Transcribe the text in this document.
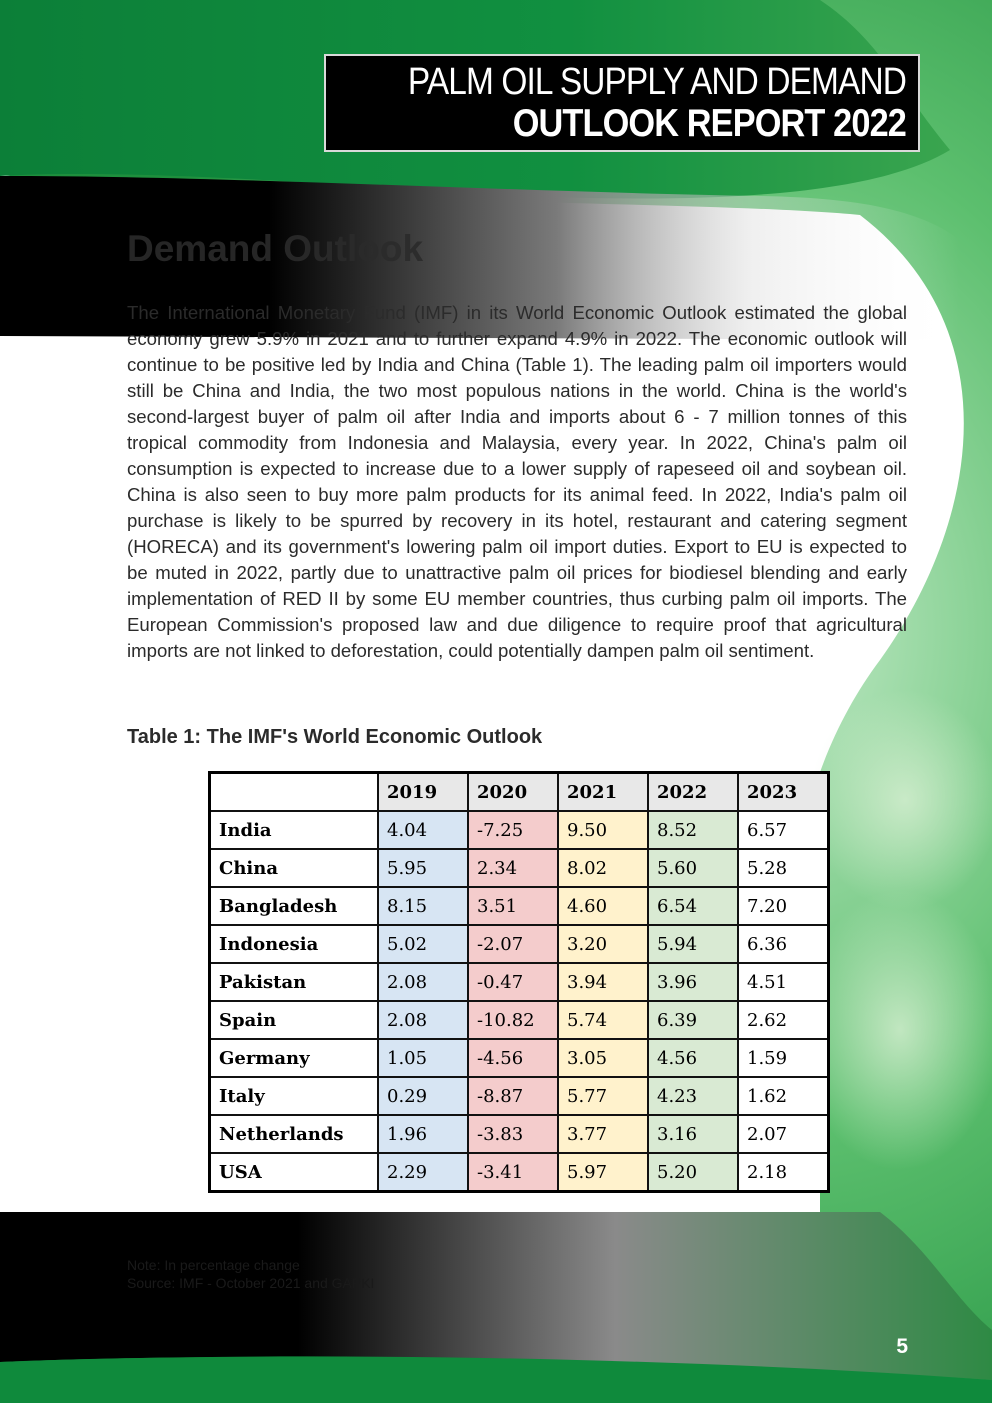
PALM OIL SUPPLY AND DEMAND
OUTLOOK REPORT 2022
Demand Outlook

The International Monetary Fund (IMF) in its World Economic Outlook estimated the global economy grew 5.9% in 2021 and to further expand 4.9% in 2022. The economic outlook will continue to be positive led by India and China (Table 1). The leading palm oil importers would still be China and India, the two most populous nations in the world. China is the world's second-largest buyer of palm oil after India and imports about 6 - 7 million tonnes of this tropical commodity from Indonesia and Malaysia, every year. In 2022, China's palm oil consumption is expected to increase due to a lower supply of rapeseed oil and soybean oil. China is also seen to buy more palm products for its animal feed. In 2022, India's palm oil purchase is likely to be spurred by recovery in its hotel, restaurant and catering segment (HORECA) and its government's lowering palm oil import duties. Export to EU is expected to be muted in 2022, partly due to unattractive palm oil prices for biodiesel blending and early implementation of RED II by some EU member countries, thus curbing palm oil imports. The European Commission's proposed law and due diligence to require proof that agricultural imports are not linked to deforestation, could potentially dampen palm oil sentiment.

Table 1: The IMF's World Economic Outlook
	2019	2020	2021	2022	2023
India	4.04	-7.25	9.50	8.52	6.57
China	5.95	2.34	8.02	5.60	5.28
Bangladesh	8.15	3.51	4.60	6.54	7.20
Indonesia	5.02	-2.07	3.20	5.94	6.36
Pakistan	2.08	-0.47	3.94	3.96	4.51
Spain	2.08	-10.82	5.74	6.39	2.62
Germany	1.05	-4.56	3.05	4.56	1.59
Italy	0.29	-8.87	5.77	4.23	1.62
Netherlands	1.96	-3.83	3.77	3.16	2.07
USA	2.29	-3.41	5.97	5.20	2.18
Note: In percentage change
Source: IMF - October 2021 and GAPKI
5
